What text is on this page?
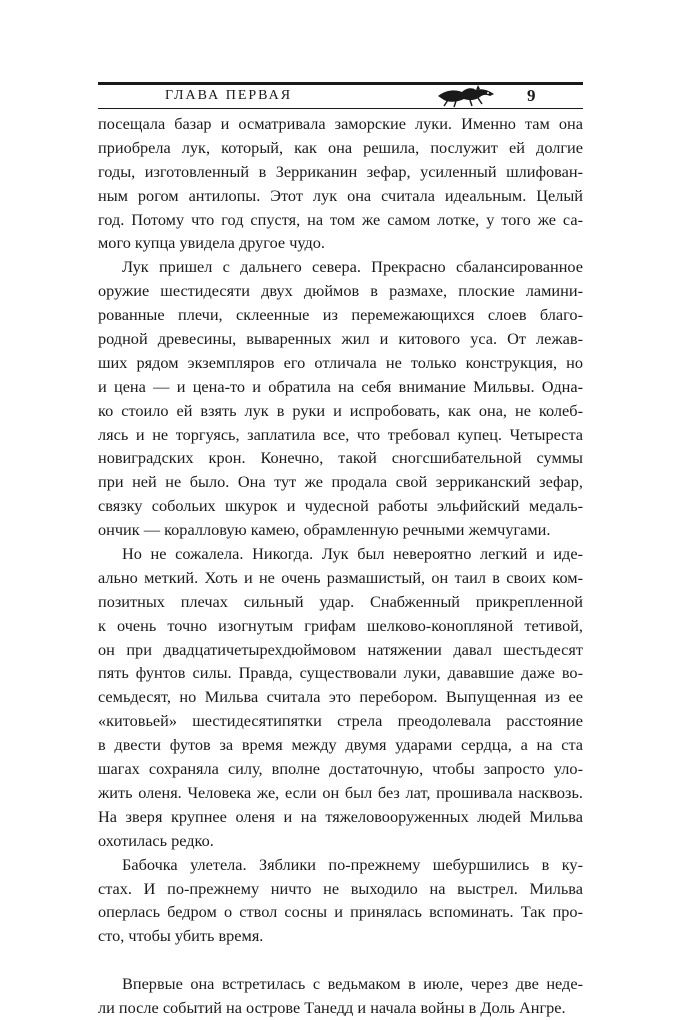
ГЛАВА ПЕРВАЯ	9
посещала базар и осматривала заморские луки. Именно там она
приобрела лук, который, как она решила, послужит ей долгие
годы, изготовленный в Зерриканин зефар, усиленный шлифован-
ным рогом антилопы. Этот лук она считала идеальным. Целый
год. Потому что год спустя, на том же самом лотке, у того же са-
мого купца увидела другое чудо.
Лук пришел с дальнего севера. Прекрасно сбалансированное
оружие шестидесяти двух дюймов в размахе, плоские ламини-
рованные плечи, склеенные из перемежающихся слоев благо-
родной древесины, вываренных жил и китового уса. От лежав-
ших рядом экземпляров его отличала не только конструкция, но
и цена — и цена-то и обратила на себя внимание Мильвы. Одна-
ко стоило ей взять лук в руки и испробовать, как она, не колеб-
лясь и не торгуясь, заплатила все, что требовал купец. Четыреста
новиградских крон. Конечно, такой сногсшибательной суммы
при ней не было. Она тут же продала свой зерриканский зефар,
связку собольих шкурок и чудесной работы эльфийский медаль-
ончик — коралловую камею, обрамленную речными жемчугами.
Но не сожалела. Никогда. Лук был невероятно легкий и иде-
ально меткий. Хоть и не очень размашистый, он таил в своих ком-
позитных плечах сильный удар. Снабженный прикрепленной
к очень точно изогнутым грифам шелково-конопляной тетивой,
он при двадцатичетырехдюймовом натяжении давал шестьдесят
пять фунтов силы. Правда, существовали луки, дававшие даже во-
семьдесят, но Мильва считала это перебором. Выпущенная из ее
«китовьей» шестидесятипятки стрела преодолевала расстояние
в двести футов за время между двумя ударами сердца, а на ста
шагах сохраняла силу, вполне достаточную, чтобы запросто уло-
жить оленя. Человека же, если он был без лат, прошивала насквозь.
На зверя крупнее оленя и на тяжеловооруженных людей Мильва
охотилась редко.
Бабочка улетела. Зяблики по-прежнему шебуршились в ку-
стах. И по-прежнему ничто не выходило на выстрел. Мильва
оперлась бедром о ствол сосны и принялась вспоминать. Так про-
сто, чтобы убить время.
Впервые она встретилась с ведьмаком в июле, через две неде-
ли после событий на острове Танедд и начала войны в Доль Ангре.
